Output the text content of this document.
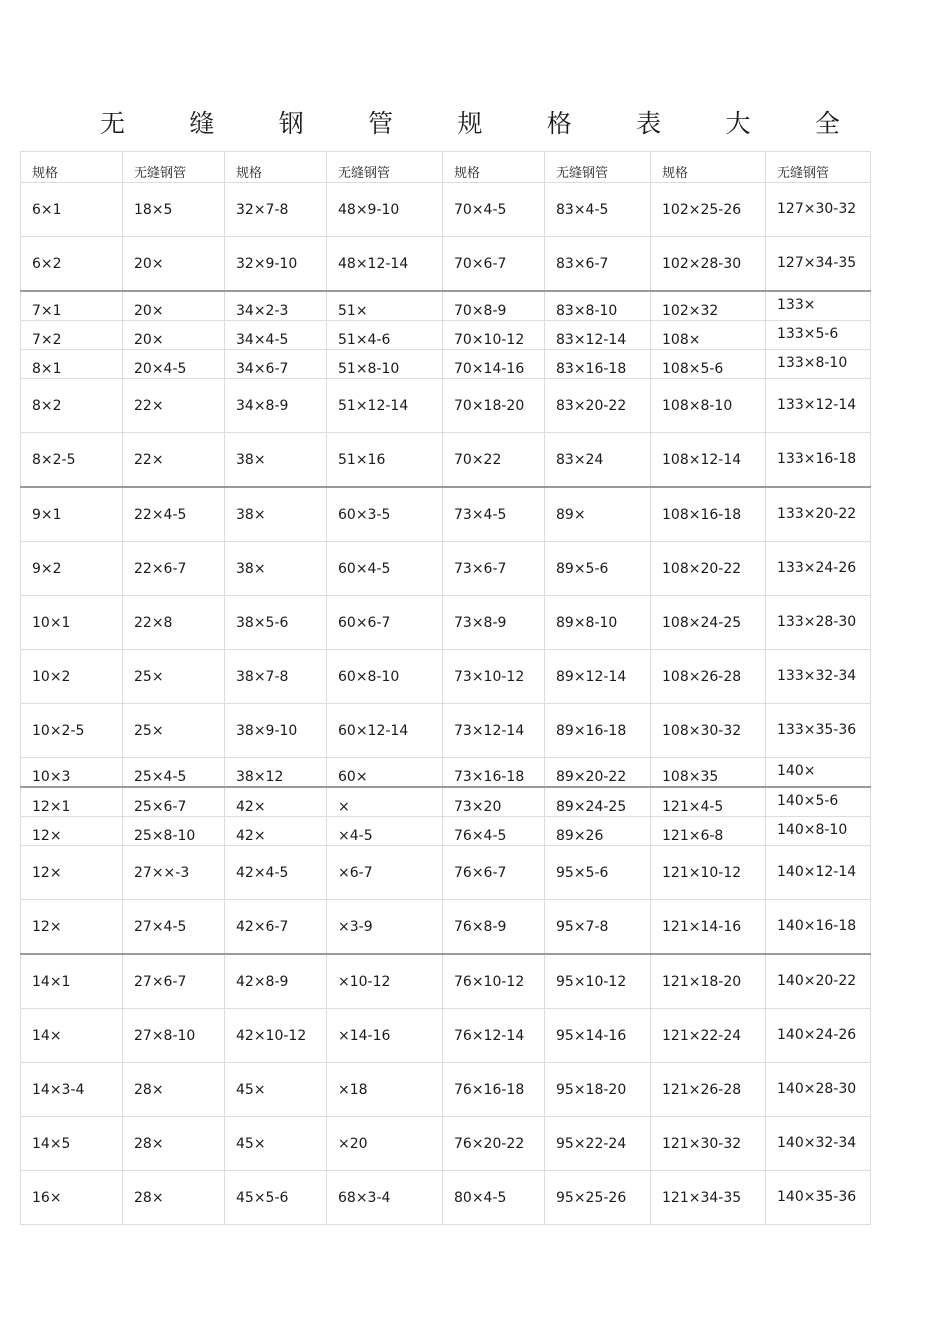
无	缝	钢	管	规	格	表	大	全
规格	无缝钢管	规格	无缝钢管	规格	无缝钢管	规格	无缝钢管
6×1	18×5	32×7-8	48×9-10	70×4-5	83×4-5	102×25-26	127×30-32
6×2	20×	32×9-10	48×12-14	70×6-7	83×6-7	102×28-30	127×34-35
7×1	20×	34×2-3	51×	70×8-9	83×8-10	102×32	133×
7×2	20×	34×4-5	51×4-6	70×10-12	83×12-14	108×	133×5-6
8×1	20×4-5	34×6-7	51×8-10	70×14-16	83×16-18	108×5-6	133×8-10
8×2	22×	34×8-9	51×12-14	70×18-20	83×20-22	108×8-10	133×12-14
8×2-5	22×	38×	51×16	70×22	83×24	108×12-14	133×16-18
9×1	22×4-5	38×	60×3-5	73×4-5	89×	108×16-18	133×20-22
9×2	22×6-7	38×	60×4-5	73×6-7	89×5-6	108×20-22	133×24-26
10×1	22×8	38×5-6	60×6-7	73×8-9	89×8-10	108×24-25	133×28-30
10×2	25×	38×7-8	60×8-10	73×10-12	89×12-14	108×26-28	133×32-34
10×2-5	25×	38×9-10	60×12-14	73×12-14	89×16-18	108×30-32	133×35-36
10×3	25×4-5	38×12	60×	73×16-18	89×20-22	108×35	140×
12×1	25×6-7	42×	×	73×20	89×24-25	121×4-5	140×5-6
12×	25×8-10	42×	×4-5	76×4-5	89×26	121×6-8	140×8-10
12×	27××-3	42×4-5	×6-7	76×6-7	95×5-6	121×10-12	140×12-14
12×	27×4-5	42×6-7	×3-9	76×8-9	95×7-8	121×14-16	140×16-18
14×1	27×6-7	42×8-9	×10-12	76×10-12	95×10-12	121×18-20	140×20-22
14×	27×8-10	42×10-12	×14-16	76×12-14	95×14-16	121×22-24	140×24-26
14×3-4	28×	45×	×18	76×16-18	95×18-20	121×26-28	140×28-30
14×5	28×	45×	×20	76×20-22	95×22-24	121×30-32	140×32-34
16×	28×	45×5-6	68×3-4	80×4-5	95×25-26	121×34-35	140×35-36
